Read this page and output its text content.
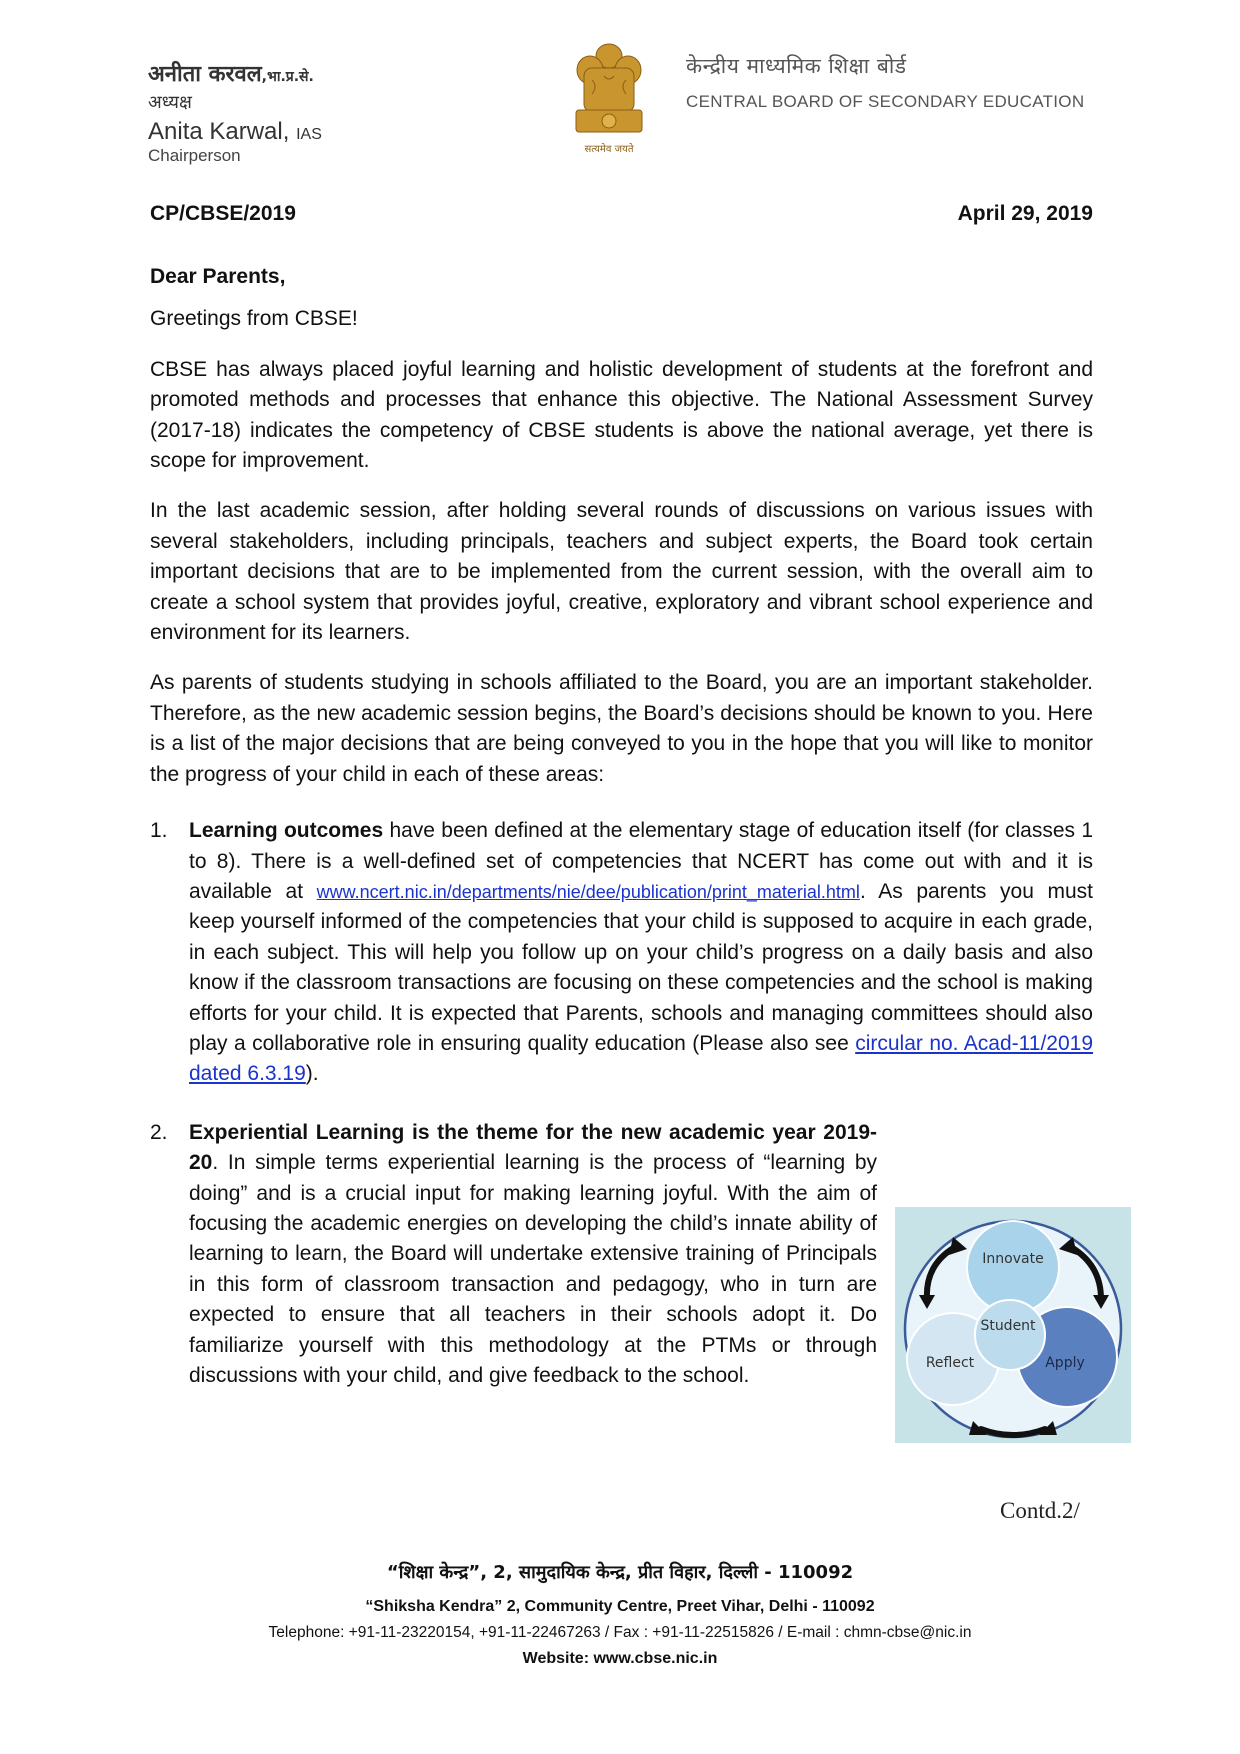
अनीता करवल,भा.प्र.से.
अध्यक्ष
Anita Karwal, IAS
Chairperson	सत्यमेव जयते
केन्द्रीय माध्यमिक शिक्षा बोर्ड
CENTRAL BOARD OF SECONDARY EDUCATION
CP/CBSE/2019	April 29, 2019

Dear Parents,

Greetings from CBSE!

CBSE has always placed joyful learning and holistic development of students at the forefront and promoted methods and processes that enhance this objective. The National Assessment Survey (2017-18) indicates the competency of CBSE students is above the national average, yet there is scope for improvement.

In the last academic session, after holding several rounds of discussions on various issues with several stakeholders, including principals, teachers and subject experts, the Board took certain important decisions that are to be implemented from the current session, with the overall aim to create a school system that provides joyful, creative, exploratory and vibrant school experience and environment for its learners.

As parents of students studying in schools affiliated to the Board, you are an important stakeholder. Therefore, as the new academic session begins, the Board’s decisions should be known to you. Here is a list of the major decisions that are being conveyed to you in the hope that you will like to monitor the progress of your child in each of these areas:

1. Learning outcomes have been defined at the elementary stage of education itself (for classes 1 to 8). There is a well-defined set of competencies that NCERT has come out with and it is available at www.ncert.nic.in/departments/nie/dee/publication/print_material.html. As parents you must keep yourself informed of the competencies that your child is supposed to acquire in each grade, in each subject. This will help you follow up on your child’s progress on a daily basis and also know if the classroom transactions are focusing on these competencies and the school is making efforts for your child. It is expected that Parents, schools and managing committees should also play a collaborative role in ensuring quality education (Please also see circular no. Acad-11/2019 dated 6.3.19).
2. Experiential Learning is the theme for the new academic year 2019-20. In simple terms experiential learning is the process of “learning by doing” and is a crucial input for making learning joyful. With the aim of focusing the academic energies on developing the child’s innate ability of learning to learn, the Board will undertake extensive training of Principals in this form of classroom transaction and pedagogy, who in turn are expected to ensure that all teachers in their schools adopt it. Do familiarize yourself with this methodology at the PTMs or through discussions with your child, and give feedback to the school.
Innovate
Student
Reflect	Apply
Contd.2/
“शिक्षा केन्द्र”, 2, सामुदायिक केन्द्र, प्रीत विहार, दिल्ली - 110092
“Shiksha Kendra” 2, Community Centre, Preet Vihar, Delhi - 110092
Telephone: +91-11-23220154, +91-11-22467263 / Fax : +91-11-22515826 / E-mail : chmn-cbse@nic.in
Website: www.cbse.nic.in
